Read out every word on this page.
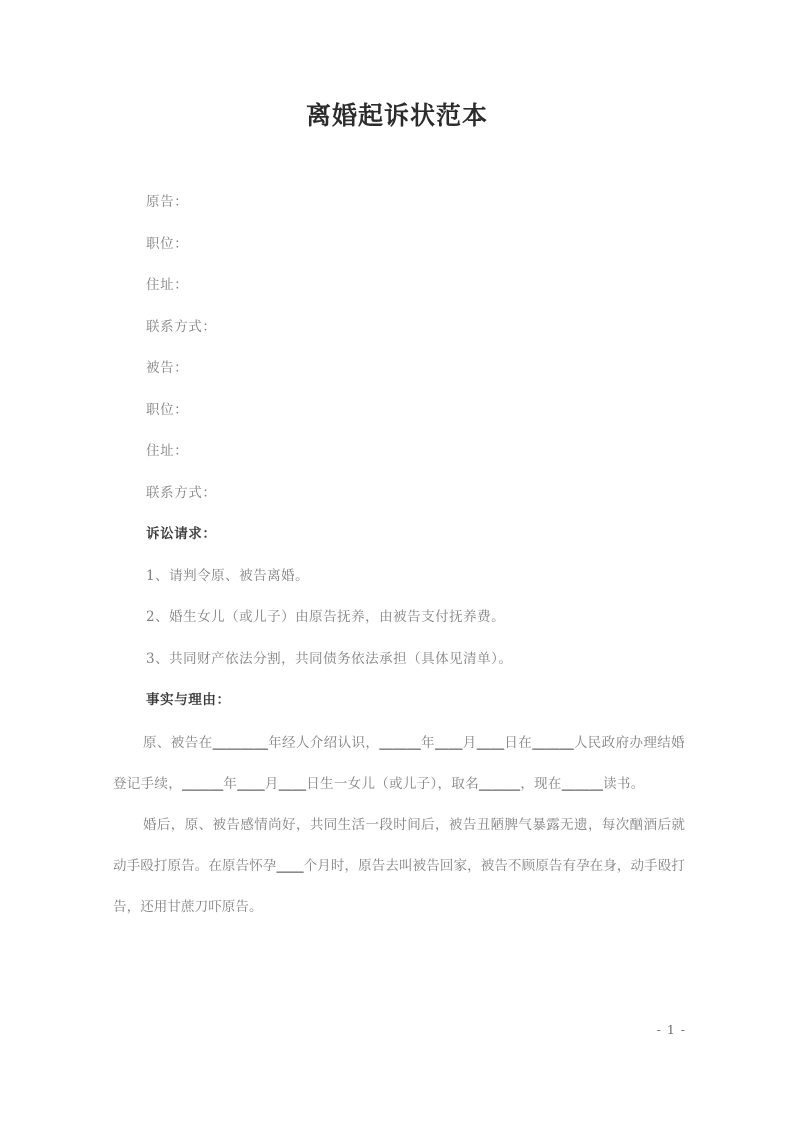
离婚起诉状范本
原告：
职位：
住址：
联系方式：
被告：
职位：
住址：
联系方式：
诉讼请求：
1、请判令原、被告离婚。
2、婚生女儿（或儿子）由原告抚养，由被告支付抚养费。
3、共同财产依法分割，共同债务依法承担（具体见清单）。
事实与理由：

原、被告在＿＿＿＿年经人介绍认识，＿＿＿年＿＿月＿＿日在＿＿＿人民政府办理结婚登记手续，＿＿＿年＿＿月＿＿日生一女儿（或儿子），取名＿＿＿，现在＿＿＿读书。

婚后，原、被告感情尚好，共同生活一段时间后，被告丑陋脾气暴露无遗，每次酗酒后就动手殴打原告。在原告怀孕＿＿个月时，原告去叫被告回家，被告不顾原告有孕在身，动手殴打告，还用甘蔗刀吓原告。

- 1 -
